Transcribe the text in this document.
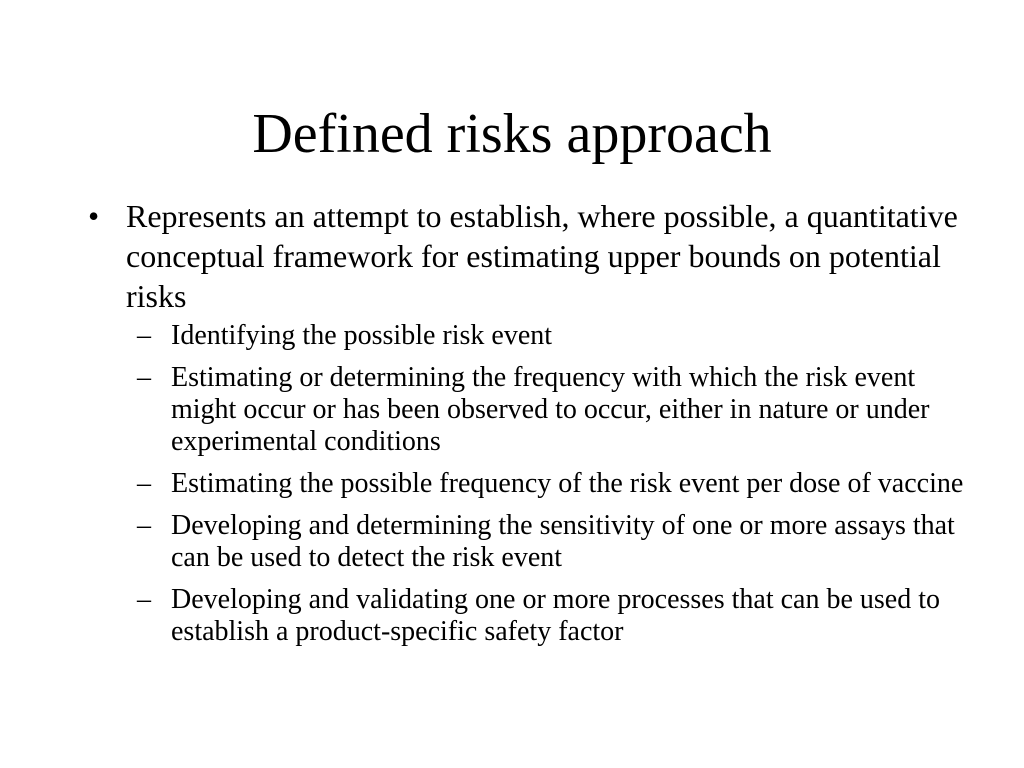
Defined risks approach
• Represents an attempt to establish, where possible, a quantitative conceptual framework for estimating upper bounds on potential risks
– Identifying the possible risk event
– Estimating or determining the frequency with which the risk event might occur or has been observed to occur, either in nature or under experimental conditions
– Estimating the possible frequency of the risk event per dose of vaccine
– Developing and determining the sensitivity of one or more assays that can be used to detect the risk event
– Developing and validating one or more processes that can be used to establish a product-specific safety factor
